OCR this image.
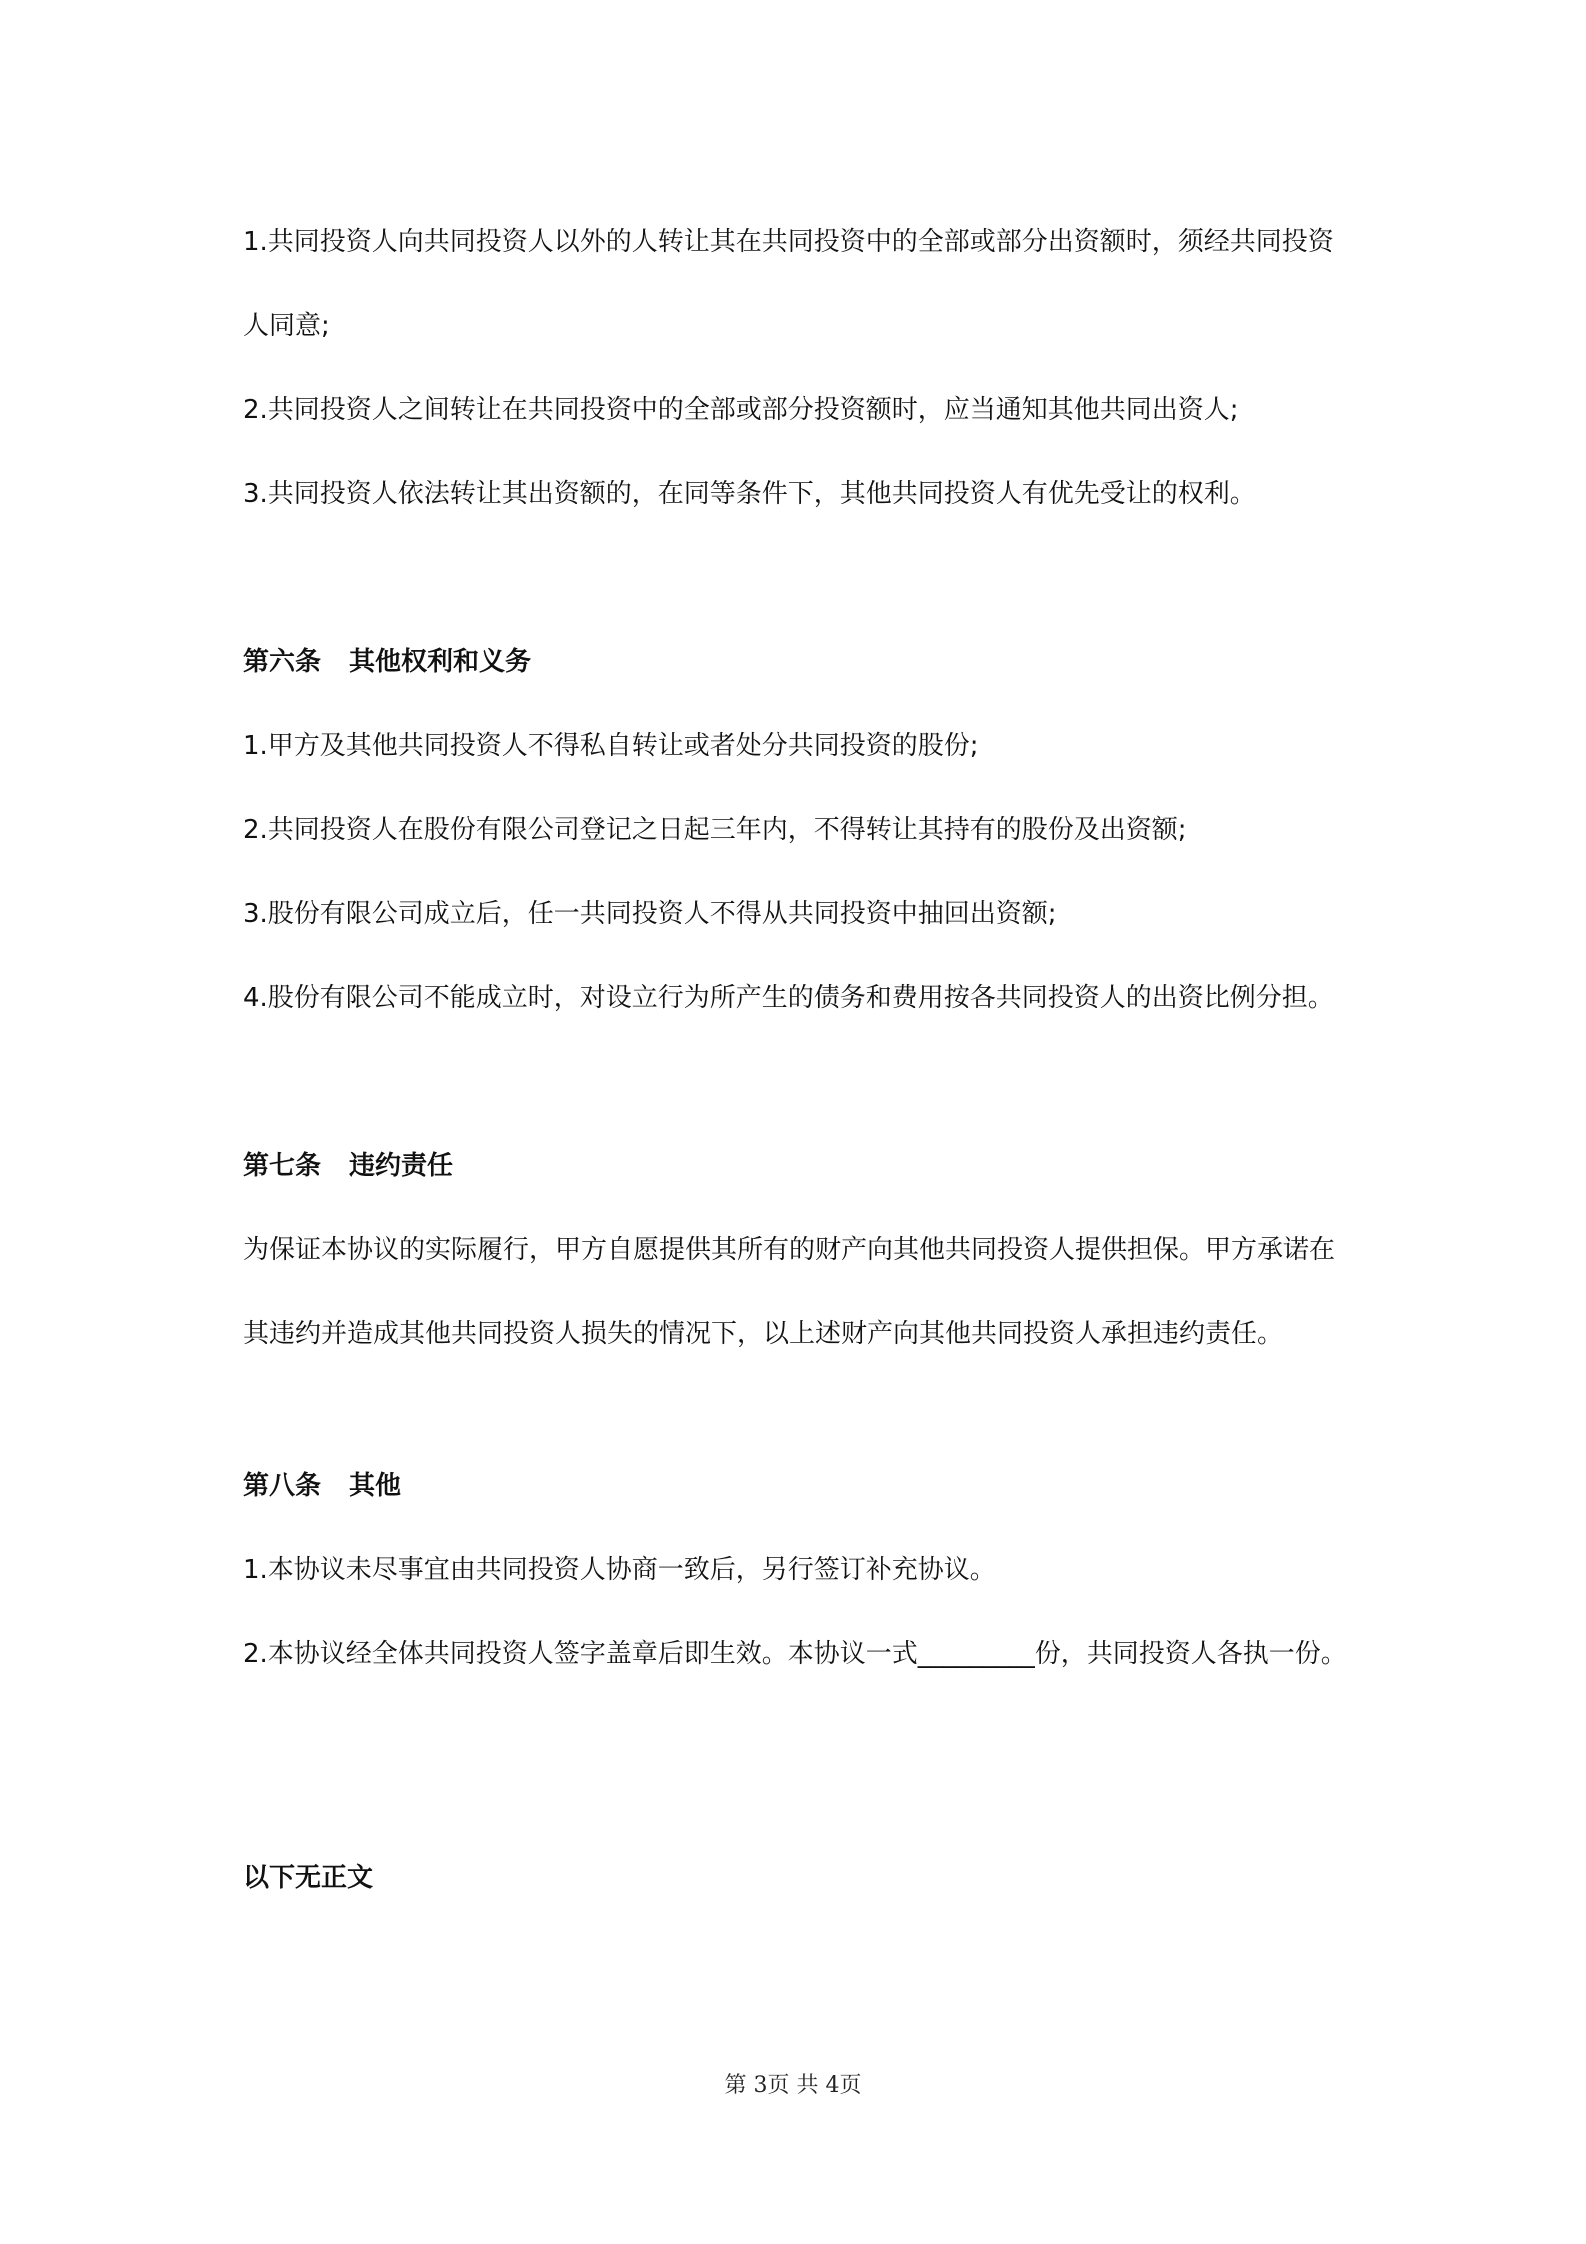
1.共同投资人向共同投资人以外的人转让其在共同投资中的全部或部分出资额时，须经共同投资人同意;

2.共同投资人之间转让在共同投资中的全部或部分投资额时，应当通知其他共同出资人;

3.共同投资人依法转让其出资额的，在同等条件下，其他共同投资人有优先受让的权利。

第六条 其他权利和义务

1.甲方及其他共同投资人不得私自转让或者处分共同投资的股份;

2.共同投资人在股份有限公司登记之日起三年内，不得转让其持有的股份及出资额;

3.股份有限公司成立后，任一共同投资人不得从共同投资中抽回出资额;

4.股份有限公司不能成立时，对设立行为所产生的债务和费用按各共同投资人的出资比例分担。

第七条 违约责任

为保证本协议的实际履行，甲方自愿提供其所有的财产向其他共同投资人提供担保。甲方承诺在其违约并造成其他共同投资人损失的情况下，以上述财产向其他共同投资人承担违约责任。

第八条 其他

1.本协议未尽事宜由共同投资人协商一致后，另行签订补充协议。

2.本协议经全体共同投资人签字盖章后即生效。本协议一式_________份，共同投资人各执一份。

以下无正文

第 3页 共 4页
